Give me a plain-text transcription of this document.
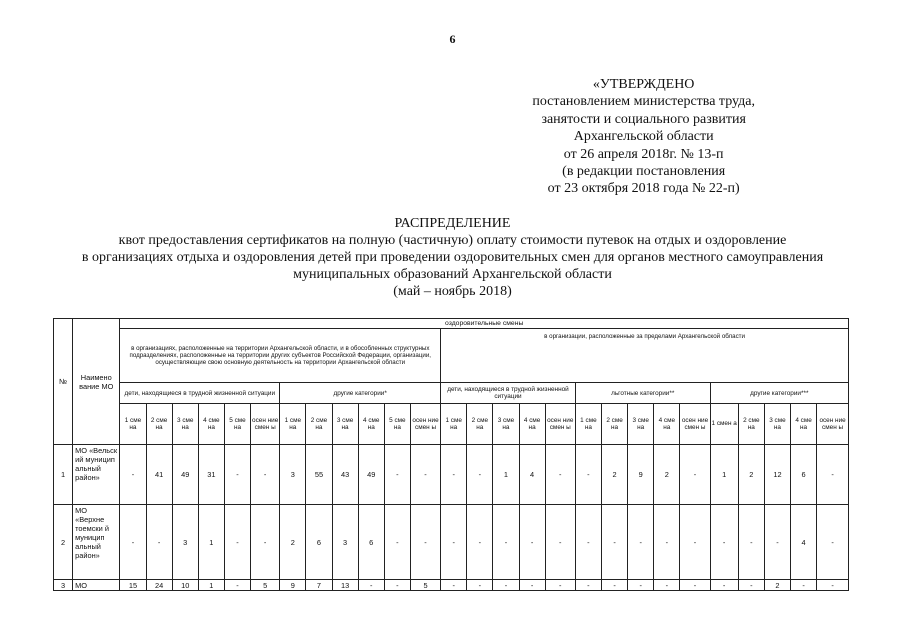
6
«УТВЕРЖДЕНО
постановлением министерства труда,
занятости и социального развития
Архангельской области
от 26 апреля 2018г. № 13-п
(в редакции постановления
от 23 октября 2018 года № 22-п)
РАСПРЕДЕЛЕНИЕ
квот предоставления сертификатов на полную (частичную) оплату стоимости путевок на отдых и оздоровление
в организациях отдыха и оздоровления детей при проведении оздоровительных смен для органов местного самоуправления
муниципальных образований Архангельской области
(май – ноябрь 2018)
№	Наимено вание МО	оздоровительные смены																										
		в организациях, расположенные на территории Архангельской области, и в обособленных структурных подразделениях, расположенные на территории других субъектов Российской Федерации, организации, осуществляющие свою основную деятельность на территории Архангельской области												в организации, расположенные за пределами Архангельской области														
		дети, находящиеся в трудной жизненной ситуации						другие категории*						дети, находящиеся в трудной жизненной ситуации					льготные категории**					другие категории***				
		1 сме на	2 сме на	3 сме на	4 сме на	5 сме на	осен ние смен ы	1 сме на	2 сме на	3 сме на	4 сме на	5 сме на	осен ние смен ы	1 сме на	2 сме на	3 сме на	4 сме на	осен ние смен ы	1 сме на	2 сме на	3 сме на	4 сме на	осен ние смен ы	1 смен а	2 сме на	3 сме на	4 сме на	осен ние смен ы
1	МО «Вельск ий муницип альный район»	-	41	49	31	-	-	3	55	43	49	-	-	-	-	1	4	-	-	2	9	2	-	1	2	12	6	-
2	МО «Верхне тоемски й муницип альный район»	-	-	3	1	-	-	2	6	3	6	-	-	-	-	-	-	-	-	-	-	-	-	-	-	-	4	-
3	МО	15	24	10	1	-	5	9	7	13	-	-	5	-	-	-	-	-	-	-	-	-	-	-	-	2	-	-
